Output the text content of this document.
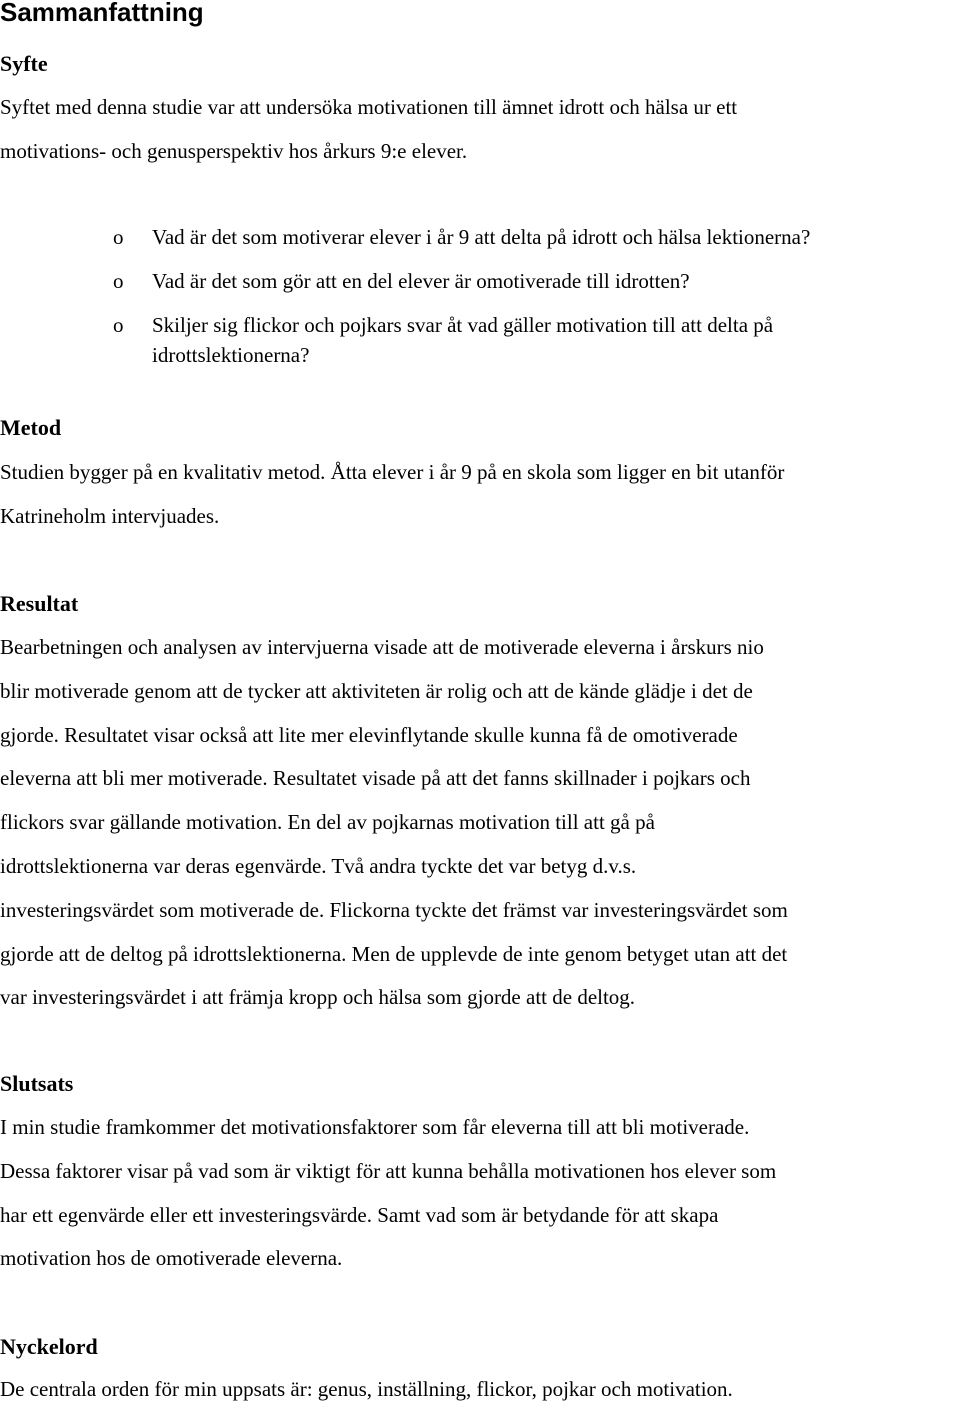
Sammanfattning
Syfte

Syftet med denna studie var att undersöka motivationen till ämnet idrott och hälsa ur ett
motivations- och genusperspektiv hos årkurs 9:e elever.

o Vad är det som motiverar elever i år 9 att delta på idrott och hälsa lektionerna?
o Vad är det som gör att en del elever är omotiverade till idrotten?
o Skiljer sig flickor och pojkars svar åt vad gäller motivation till att delta på
idrottslektionerna?
Metod

Studien bygger på en kvalitativ metod. Åtta elever i år 9 på en skola som ligger en bit utanför
Katrineholm intervjuades.

Resultat

Bearbetningen och analysen av intervjuerna visade att de motiverade eleverna i årskurs nio
blir motiverade genom att de tycker att aktiviteten är rolig och att de kände glädje i det de
gjorde. Resultatet visar också att lite mer elevinflytande skulle kunna få de omotiverade
eleverna att bli mer motiverade. Resultatet visade på att det fanns skillnader i pojkars och
flickors svar gällande motivation. En del av pojkarnas motivation till att gå på
idrottslektionerna var deras egenvärde. Två andra tyckte det var betyg d.v.s.
investeringsvärdet som motiverade de. Flickorna tyckte det främst var investeringsvärdet som
gjorde att de deltog på idrottslektionerna. Men de upplevde de inte genom betyget utan att det
var investeringsvärdet i att främja kropp och hälsa som gjorde att de deltog.

Slutsats

I min studie framkommer det motivationsfaktorer som får eleverna till att bli motiverade.
Dessa faktorer visar på vad som är viktigt för att kunna behålla motivationen hos elever som
har ett egenvärde eller ett investeringsvärde. Samt vad som är betydande för att skapa
motivation hos de omotiverade eleverna.

Nyckelord

De centrala orden för min uppsats är: genus, inställning, flickor, pojkar och motivation.
